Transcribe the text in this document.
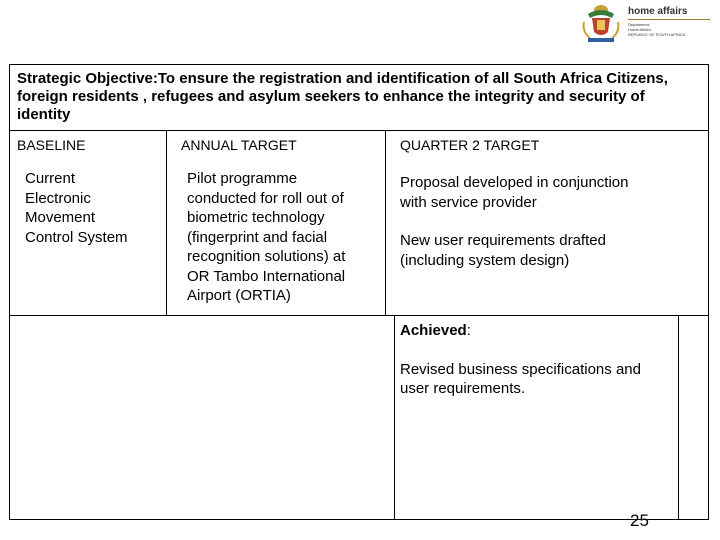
home affairs
Department:
Home Affairs
REPUBLIC OF SOUTH AFRICA
Strategic Objective:To ensure the registration and identification of all South Africa Citizens, foreign residents , refugees and asylum seekers to enhance the integrity and security of identity
BASELINE	ANNUAL TARGET	QUARTER 2 TARGET
Current
Electronic
Movement
Control System
Pilot programme
conducted for roll out of
biometric technology
(fingerprint and facial
recognition solutions) at
OR Tambo International
Airport (ORTIA)
Proposal developed in conjunction
with service provider
New user requirements drafted
(including system design)
Achieved:
Revised business specifications and
user requirements.
25
